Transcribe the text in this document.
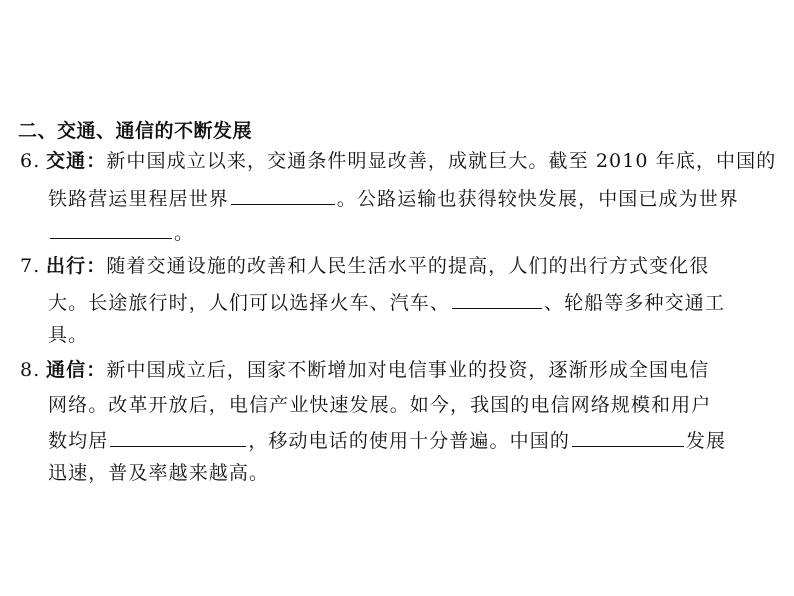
二、交通、通信的不断发展
6. 交通：新中国成立以来，交通条件明显改善，成就巨大。截至 2010 年底，中国的
铁路营运里程居世界	。公路运输也获得较快发展，中国已成为世界
。
7. 出行：随着交通设施的改善和人民生活水平的提高，人们的出行方式变化很
大。长途旅行时，人们可以选择火车、汽车、	、轮船等多种交通工
具。
8. 通信：新中国成立后，国家不断增加对电信事业的投资，逐渐形成全国电信
网络。改革开放后，电信产业快速发展。如今，我国的电信网络规模和用户
数均居	，移动电话的使用十分普遍。中国的	发展
迅速，普及率越来越高。
